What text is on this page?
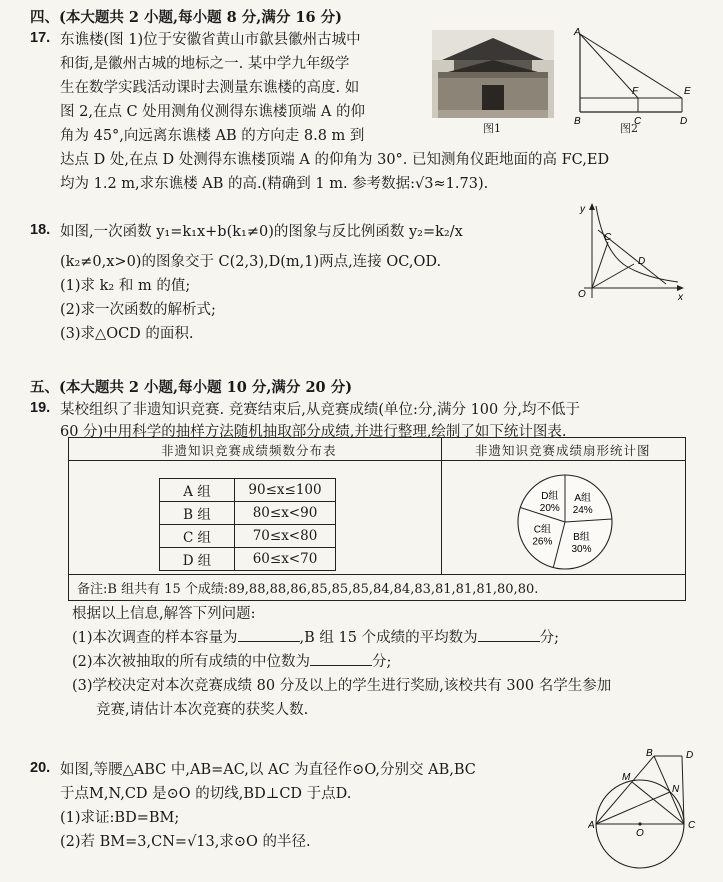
四、(本大题共 2 小题,每小题 8 分,满分 16 分)
17. 东谯楼(图 1)位于安徽省黄山市歙县徽州古城中
和街,是徽州古城的地标之一. 某中学九年级学
生在数学实践活动课时去测量东谯楼的高度. 如
图 2,在点 C 处用测角仪测得东谯楼顶端 A 的仰
角为 45°,向远离东谯楼 AB 的方向走 8.8 m 到
达点 D 处,在点 D 处测得东谯楼顶端 A 的仰角为 30°. 已知测角仪距地面的高 FC,ED
均为 1.2 m,求东谯楼 AB 的高.(精确到 1 m. 参考数据:√3≈1.73).
图1
A
B
F
C
E
D
图2
18. 如图,一次函数 y₁=k₁x+b(k₁≠0)的图象与反比例函数 y₂=k₂/x
(k₂≠0,x>0)的图象交于 C(2,3),D(m,1)两点,连接 OC,OD.
(1)求 k₂ 和 m 的值;
(2)求一次函数的解析式;
(3)求△OCD 的面积.
y
C
D
O	x
五、(本大题共 2 小题,每小题 10 分,满分 20 分)
19. 某校组织了非遗知识竞赛. 竞赛结束后,从竞赛成绩(单位:分,满分 100 分,均不低于
60 分)中用科学的抽样方法随机抽取部分成绩,并进行整理,绘制了如下统计图表.
非遗知识竞赛成绩频数分布表	非遗知识竞赛成绩扇形统计图
A 组	90≤x≤100
B 组	80≤x<90
C 组	70≤x<80
D 组	60≤x<70
A组
24%
B组
30%
C组
26%
D组
20%
备注:B 组共有 15 个成绩:89,88,88,86,85,85,85,84,84,83,81,81,81,80,80.
根据以上信息,解答下列问题:
(1)本次调查的样本容量为	,B 组 15 个成绩的平均数为	分;
(2)本次被抽取的所有成绩的中位数为	分;
(3)学校决定对本次竞赛成绩 80 分及以上的学生进行奖励,该校共有 300 名学生参加
竞赛,请估计本次竞赛的获奖人数.
20. 如图,等腰△ABC 中,AB=AC,以 AC 为直径作⊙O,分别交 AB,BC
于点M,N,CD 是⊙O 的切线,BD⊥CD 于点D.
(1)求证:BD=BM;
(2)若 BM=3,CN=√13,求⊙O 的半径.
B	D
M
N
A
O
C
